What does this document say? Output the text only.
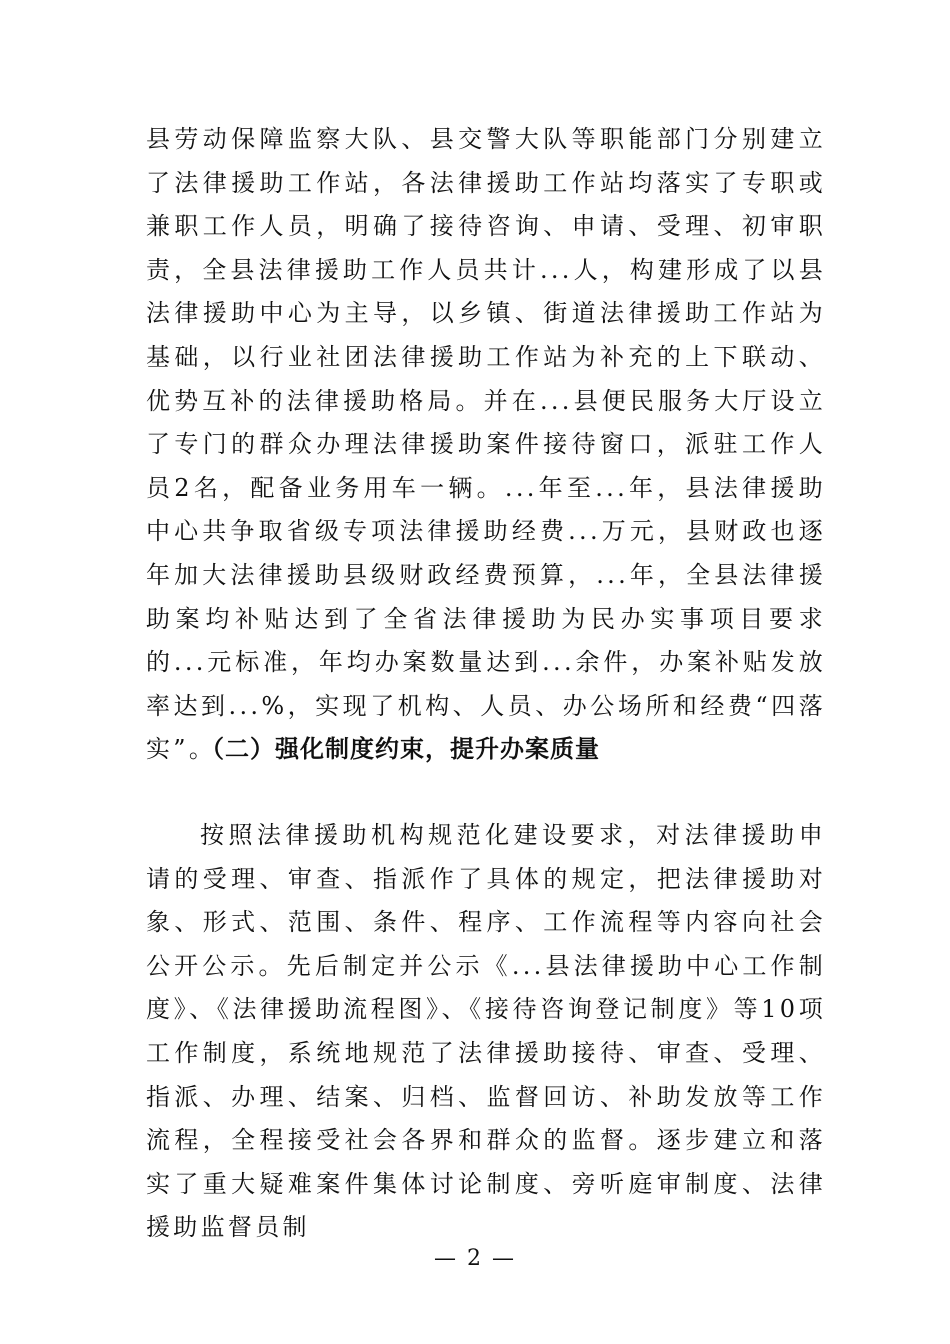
县劳动保障监察大队、县交警大队等职能部门分别建立了法律援助工作站，各法律援助工作站均落实了专职或兼职工作人员，明确了接待咨询、申请、受理、初审职责，全县法律援助工作人员共计...人，构建形成了以县法律援助中心为主导，以乡镇、街道法律援助工作站为基础，以行业社团法律援助工作站为补充的上下联动、优势互补的法律援助格局。并在...县便民服务大厅设立了专门的群众办理法律援助案件接待窗口，派驻工作人员2名，配备业务用车一辆。...年至...年，县法律援助中心共争取省级专项法律援助经费...万元，县财政也逐年加大法律援助县级财政经费预算，...年，全县法律援助案均补贴达到了全省法律援助为民办实事项目要求的...元标准，年均办案数量达到...余件，办案补贴发放率达到...%，实现了机构、人员、办公场所和经费“四落实”。

（二）强化制度约束，提升办案质量

按照法律援助机构规范化建设要求，对法律援助申请的受理、审查、指派作了具体的规定，把法律援助对象、形式、范围、条件、程序、工作流程等内容向社会公开公示。先后制定并公示《...县法律援助中心工作制度》、《法律援助流程图》、《接待咨询登记制度》等10项工作制度，系统地规范了法律援助接待、审查、受理、指派、办理、结案、归档、监督回访、补助发放等工作流程，全程接受社会各界和群众的监督。逐步建立和落实了重大疑难案件集体讨论制度、旁听庭审制度、法律援助监督员制

— 2 —
